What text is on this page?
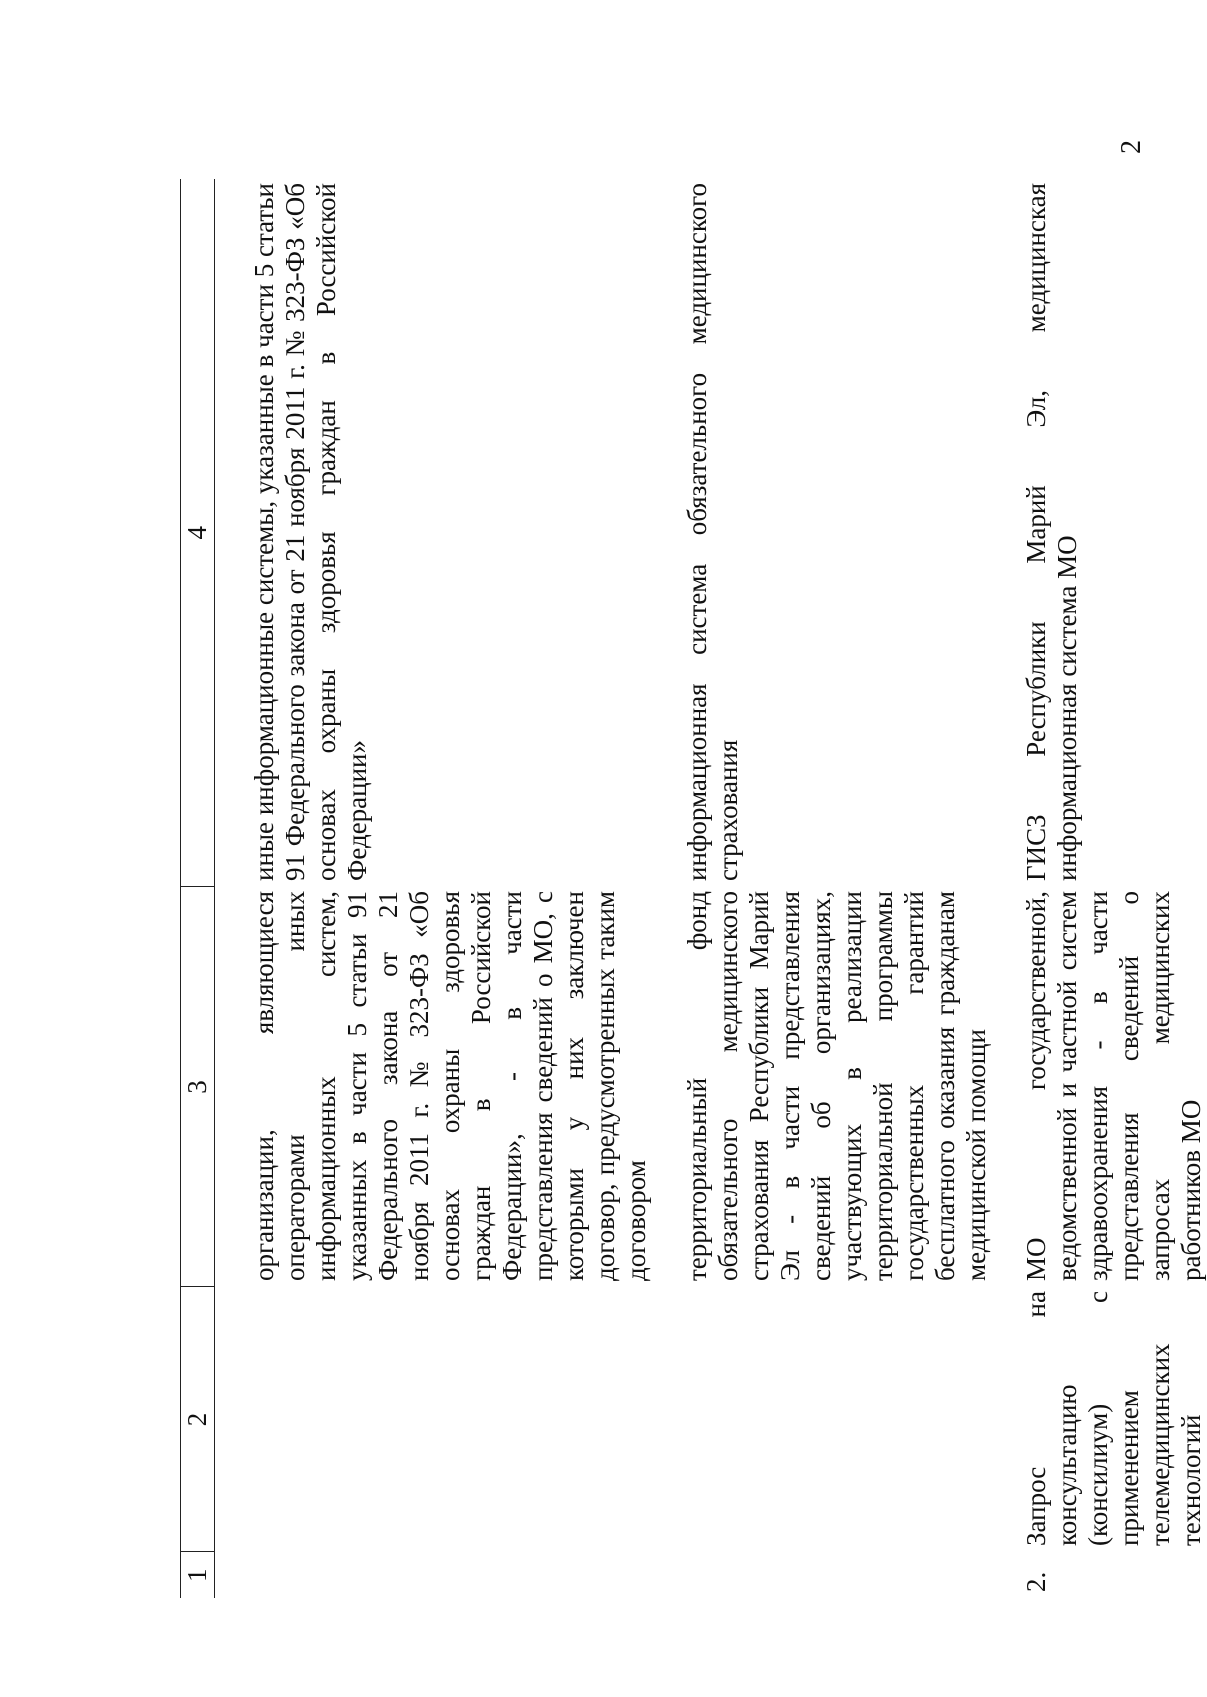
2
1	2	3	4
		организации, являющиеся операторами иных информационных систем, указанных в части 5 статьи 91 Федерального закона от 21 ноября 2011 г. № 323-ФЗ «Об основах охраны здоровья граждан в Российской Федерации», - в части представления сведений о МО, с которыми у них заключен договор, предусмотренных таким договором	иные информационные системы, указанные в части 5 статьи 91 Федерального закона от 21 ноября 2011 г. № 323-ФЗ «Об основах охраны здоровья граждан в Российской Федерации»
		территориальный фонд обязательного медицинского страхования Республики Марий Эл - в части представления сведений об организациях, участвующих в реализации территориальной программы государственных гарантий бесплатного оказания гражданам медицинской помощи	информационная система обязательного медицинского страхования
2.	Запрос на консультацию (консилиум) с применением телемедицинских технологий	МО государственной, ведомственной и частной систем здравоохранения - в части представления сведений о запросах медицинских работников МО	ГИСЗ Республики Марий Эл, медицинская информационная система МО
